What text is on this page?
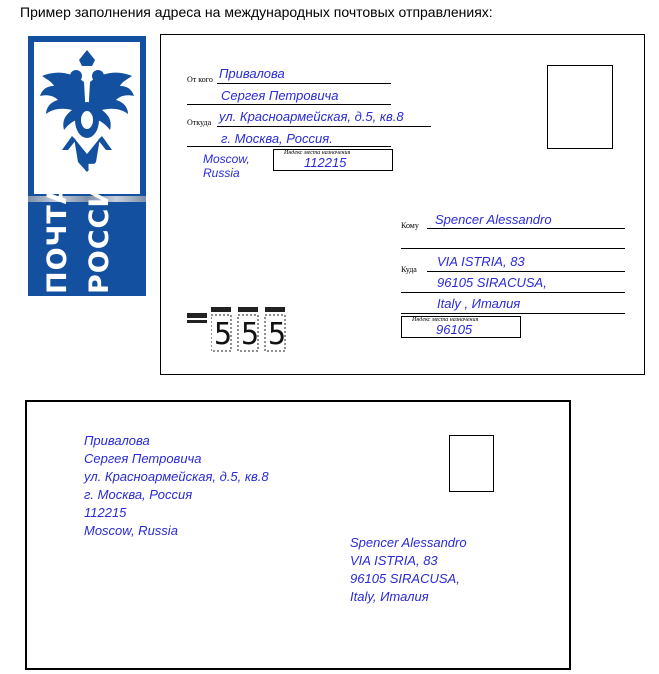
Пример заполнения адреса на международных почтовых отправлениях:
ПОЧТА РОССИИ
От кого Привалова
Сергея Петровича
Откуда ул. Красноармейская, д.5, кв.8
г. Москва, Россия.
Moscow,
Russia
Индекс места назначения
112215
Кому Spencer Alessandro
Куда
VIA ISTRIA, 83
96105 SIRACUSA,
Italy , Италия
Индекс места назначения
96105
5 5 5
Привалова
Сергея Петровича
ул. Красноармейская, д.5, кв.8
г. Москва, Россия
112215
Moscow, Russia
Spencer Alessandro
VIA ISTRIA, 83
96105 SIRACUSA,
Italy, Италия
